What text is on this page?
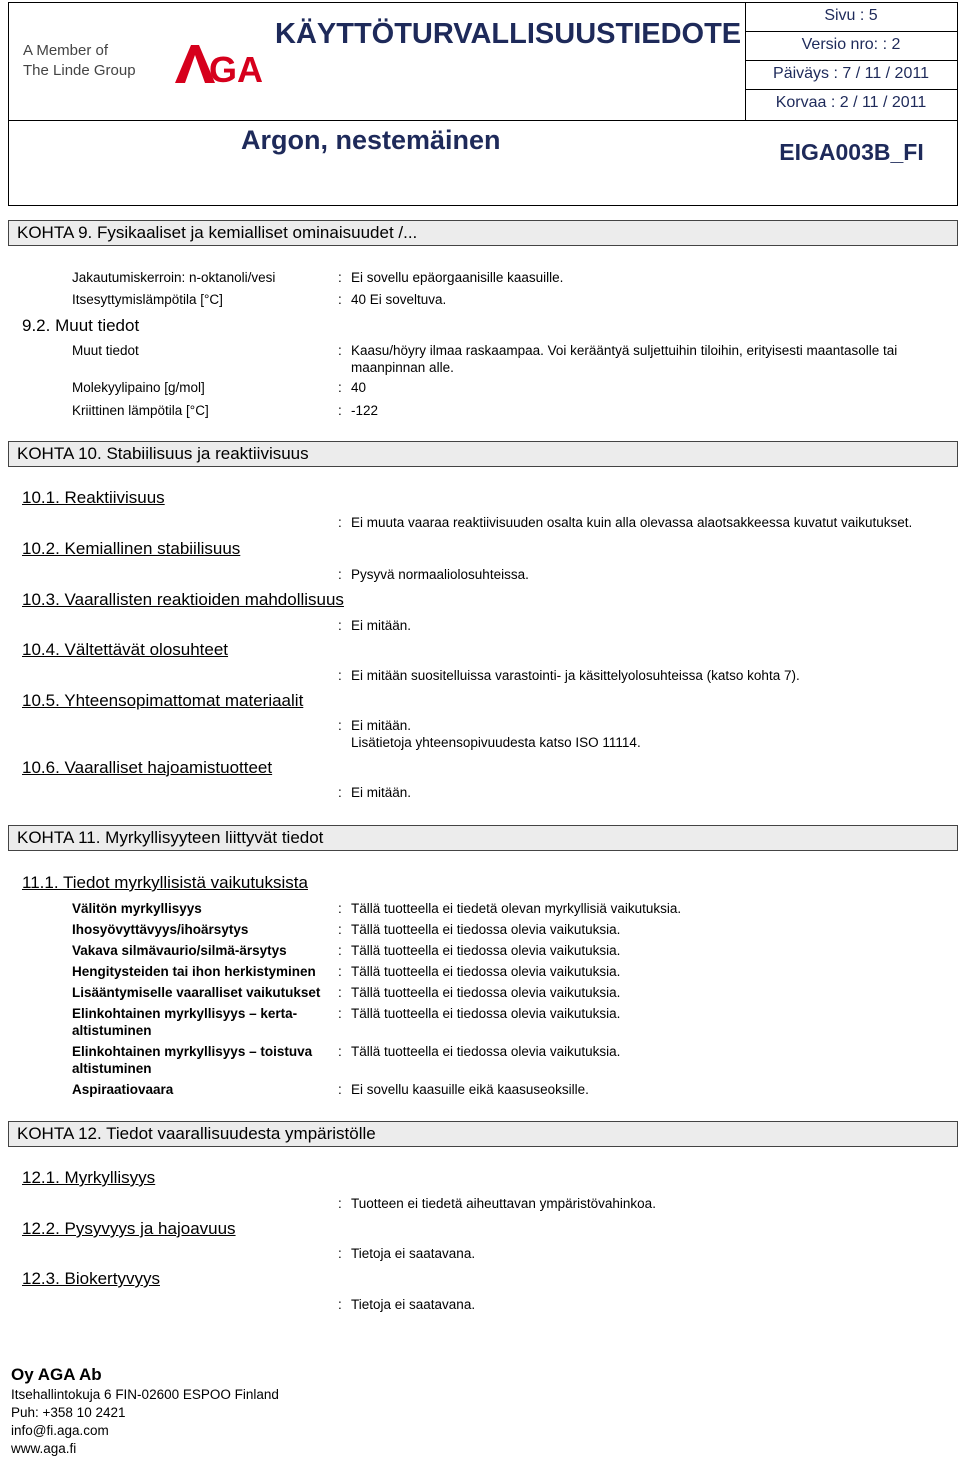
A Member of
The Linde Group GA
KÄYTTÖTURVALLISUUSTIEDOTE
Sivu : 5
Versio nro: : 2
Päiväys : 7 / 11 / 2011
Korvaa : 2 / 11 / 2011
Argon, nestemäinen	EIGA003B_FI
KOHTA 9. Fysikaaliset ja kemialliset ominaisuudet /...
Jakautumiskerroin: n-oktanoli/vesi	: Ei sovellu epäorgaanisille kaasuille.
Itsesyttymislämpötila [°C]	: 40 Ei soveltuva.
9.2. Muut tiedot
Muut tiedot	: Kaasu/höyry ilmaa raskaampaa. Voi kerääntyä suljettuihin tiloihin, erityisesti maantasolle tai
maanpinnan alle.
Molekyylipaino [g/mol]	: 40
Kriittinen lämpötila [°C]	: -122
KOHTA 10. Stabiilisuus ja reaktiivisuus
10.1. Reaktiivisuus
: Ei muuta vaaraa reaktiivisuuden osalta kuin alla olevassa alaotsakkeessa kuvatut vaikutukset.
10.2. Kemiallinen stabiilisuus
: Pysyvä normaaliolosuhteissa.
10.3. Vaarallisten reaktioiden mahdollisuus
: Ei mitään.
10.4. Vältettävät olosuhteet
: Ei mitään suositelluissa varastointi- ja käsittelyolosuhteissa (katso kohta 7).
10.5. Yhteensopimattomat materiaalit
: Ei mitään.
Lisätietoja yhteensopivuudesta katso ISO 11114.
10.6. Vaaralliset hajoamistuotteet
: Ei mitään.
KOHTA 11. Myrkyllisyyteen liittyvät tiedot
11.1. Tiedot myrkyllisistä vaikutuksista
Välitön myrkyllisyys	: Tällä tuotteella ei tiedetä olevan myrkyllisiä vaikutuksia.
Ihosyövyttävyys/ihoärsytys	: Tällä tuotteella ei tiedossa olevia vaikutuksia.
Vakava silmävaurio/silmä-ärsytys	: Tällä tuotteella ei tiedossa olevia vaikutuksia.
Hengitysteiden tai ihon herkistyminen : Tällä tuotteella ei tiedossa olevia vaikutuksia.
Lisääntymiselle vaaralliset vaikutukset : Tällä tuotteella ei tiedossa olevia vaikutuksia.
Elinkohtainen myrkyllisyys – kerta-
altistuminen
: Tällä tuotteella ei tiedossa olevia vaikutuksia.
Elinkohtainen myrkyllisyys – toistuva
altistuminen
: Tällä tuotteella ei tiedossa olevia vaikutuksia.
Aspiraatiovaara	: Ei sovellu kaasuille eikä kaasuseoksille.
KOHTA 12. Tiedot vaarallisuudesta ympäristölle
12.1. Myrkyllisyys
: Tuotteen ei tiedetä aiheuttavan ympäristövahinkoa.
12.2. Pysyvyys ja hajoavuus
: Tietoja ei saatavana.
12.3. Biokertyvyys
: Tietoja ei saatavana.
Oy AGA Ab
Itsehallintokuja 6 FIN-02600 ESPOO Finland
Puh: +358 10 2421
info@fi.aga.com
www.aga.fi
